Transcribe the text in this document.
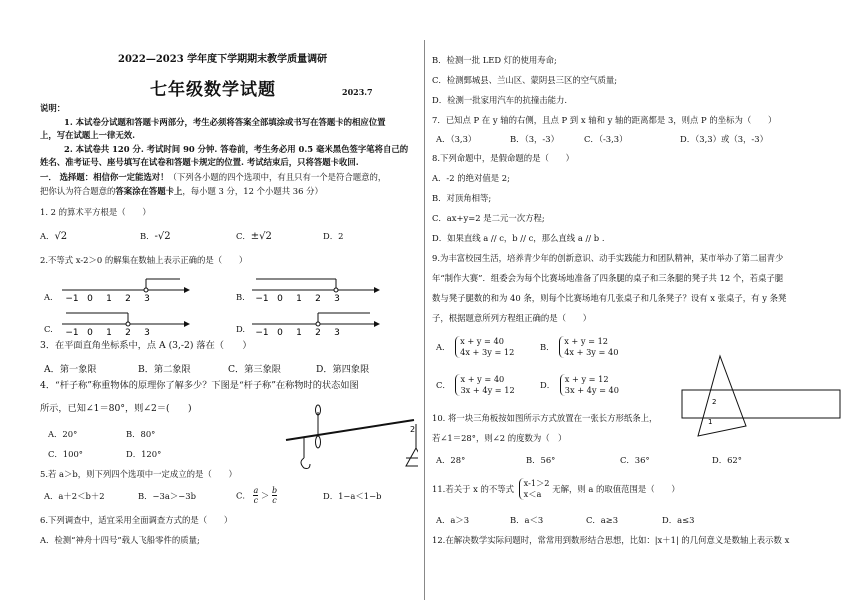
2022—2023 学年度下学期期末教学质量调研
七年级数学试题	2023.7
说明：
1. 本试卷分试题和答题卡两部分，考生必须将答案全部填涂或书写在答题卡的相应位置
上，写在试题上一律无效.
2. 本试卷共 120 分. 考试时间 90 分钟. 答卷前，考生务必用 0.5 毫米黑色签字笔将自己的
姓名、准考证号、座号填写在试卷和答题卡规定的位置. 考试结束后，只将答题卡收回.
一． 选择题：相信你一定能选对！（下列各小题的四个选项中，有且只有一个是符合题意的，
把你认为符合题意的答案涂在答题卡上，每小题 3 分，12 个小题共 36 分）
1. 2 的算术平方根是（　　）
A．√2	B．-√2	C．±√2	D．2
2.不等式 x-2＞0 的解集在数轴上表示正确的是（　　）
A.	B.
C.	D.
−1 0 1 2 3	−1 0 1 2 3
−1 0 1 2 3	−1 0 1 2 3
3．在平面直角坐标系中，点 A (3,-2) 落在（　　）
A．第一象限	B．第二象限	C．第三象限	D．第四象限
4．“杆子称”称重物体的原理你了解多少？下图是“杆子称”在称物时的状态如图
所示，已知∠1＝80°，则∠2＝(　　)
A．20°	B．80°
C．100°	D．120°
2
5.若 a＞b，则下列四个选项中一定成立的是（　　）
A．a＋2＜b＋2	B．−3a＞−3b	C． $\frac{a}{c} > \frac{b}{c}$	D．1−a＜1−b
6.下列调查中，适宜采用全面调查方式的是（　　）
A．检测“神舟十四号”载人飞船零件的质量;
B．检测一批 LED 灯的使用寿命;
C．检测鄄城县、兰山区、蒙阴县三区的空气质量;
D．检测一批家用汽车的抗撞击能力.
7．已知点 P 在 y 轴的右侧，且点 P 到 x 轴和 y 轴的距离都是 3，则点 P 的坐标为（　　）
A．（3,3）	B．（3，-3）	C．（-3,3）	D．（3,3）或（3，-3）
8.下列命题中，是假命题的是（　　）
A．-2 的绝对值是 2;
B．对顶角相等;
C．ax+y=2 是二元一次方程;
D．如果直线 a // c，b // c，那么直线 a // b .
9.为丰富校园生活，培养青少年的创新意识、动手实践能力和团队精神，某市举办了第二届青少
年“制作大赛”．组委会为每个比赛场地准备了四条腿的桌子和三条腿的凳子共 12 个，若桌子腿
数与凳子腿数的和为 40 条，则每个比赛场地有几张桌子和几条凳子？设有 x 张桌子，有 y 条凳
子，根据题意所列方程组正确的是（　　）
A．
x + y = 40
4x + 3y = 12	B．
x + y = 12
4x + 3y = 40
C．
x + y = 40
3x + 4y = 12	D．
x + y = 12
3x + 4y = 40
2
1
10. 将一块三角板按如图所示方式放置在一张长方形纸条上，
若∠1＝28°，则∠2 的度数为（　）
A．28°	B．56°	C．36°	D．62°
11.若关于 x 的不等式
x-1＞2
x＜a	无解，则 a 的取值范围是（　　）
A．a＞3	B．a＜3	C．a≥3	D．a≤3
12.在解决数学实际问题时，常常用到数形结合思想，比如：|x＋1| 的几何意义是数轴上表示数 x
